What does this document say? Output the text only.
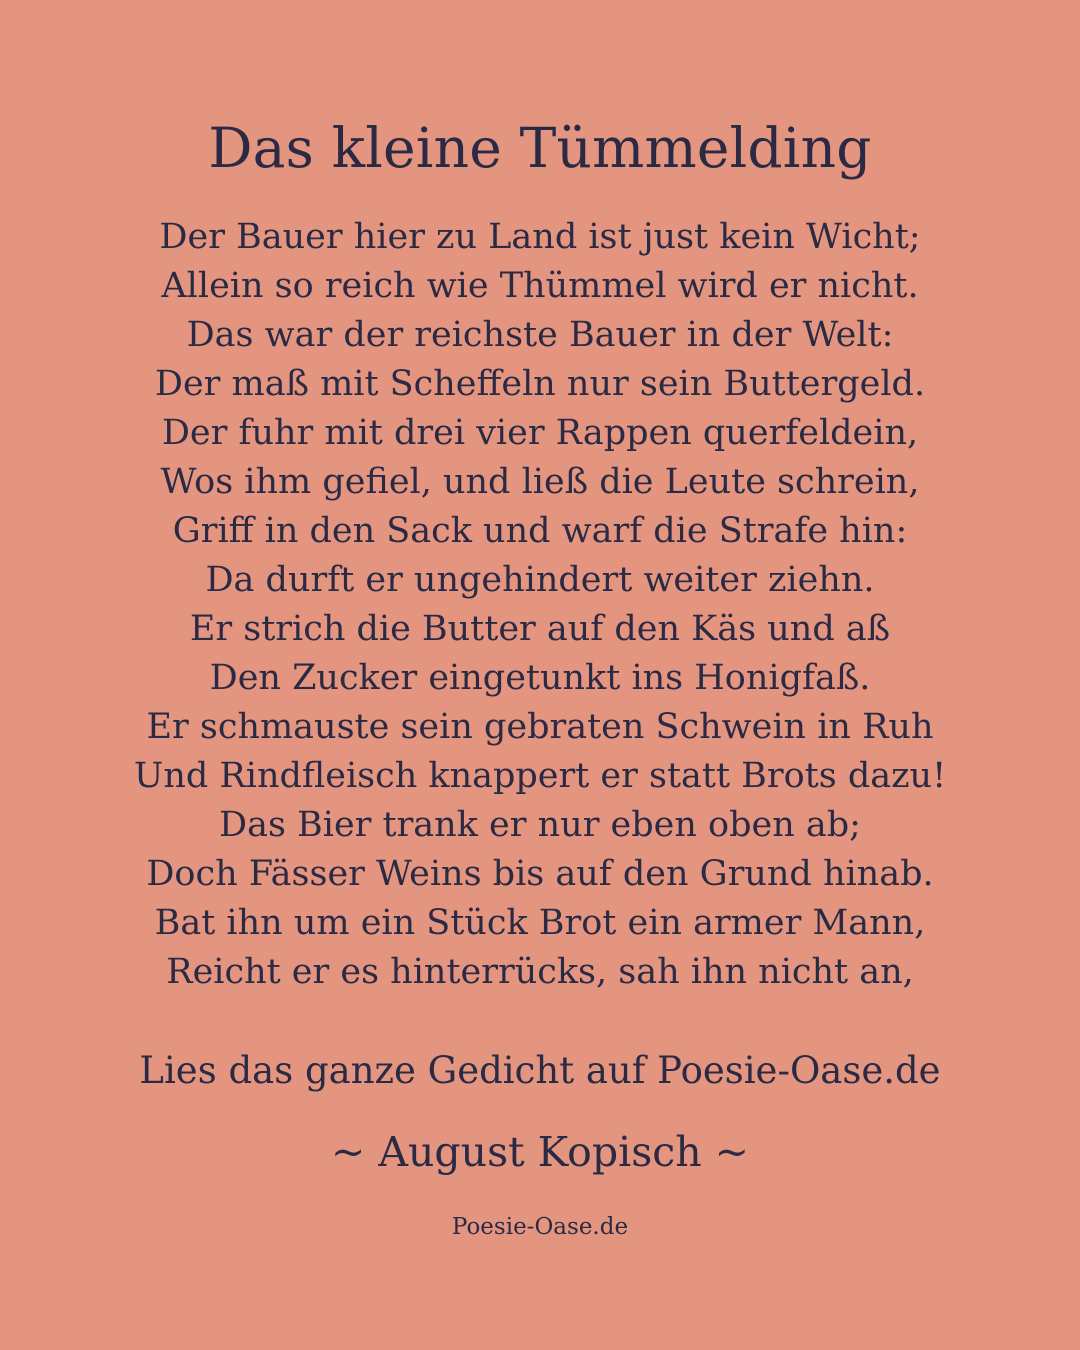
Das kleine Tümmelding
Der Bauer hier zu Land ist just kein Wicht;
Allein so reich wie Thümmel wird er nicht.
Das war der reichste Bauer in der Welt:
Der maß mit Scheffeln nur sein Buttergeld.
Der fuhr mit drei vier Rappen querfeldein,
Wos ihm gefiel, und ließ die Leute schrein,
Griff in den Sack und warf die Strafe hin:
Da durft er ungehindert weiter ziehn.
Er strich die Butter auf den Käs und aß
Den Zucker eingetunkt ins Honigfaß.
Er schmauste sein gebraten Schwein in Ruh
Und Rindfleisch knappert er statt Brots dazu!
Das Bier trank er nur eben oben ab;
Doch Fässer Weins bis auf den Grund hinab.
Bat ihn um ein Stück Brot ein armer Mann,
Reicht er es hinterrücks, sah ihn nicht an,
Lies das ganze Gedicht auf Poesie-Oase.de
~ August Kopisch ~
Poesie-Oase.de
